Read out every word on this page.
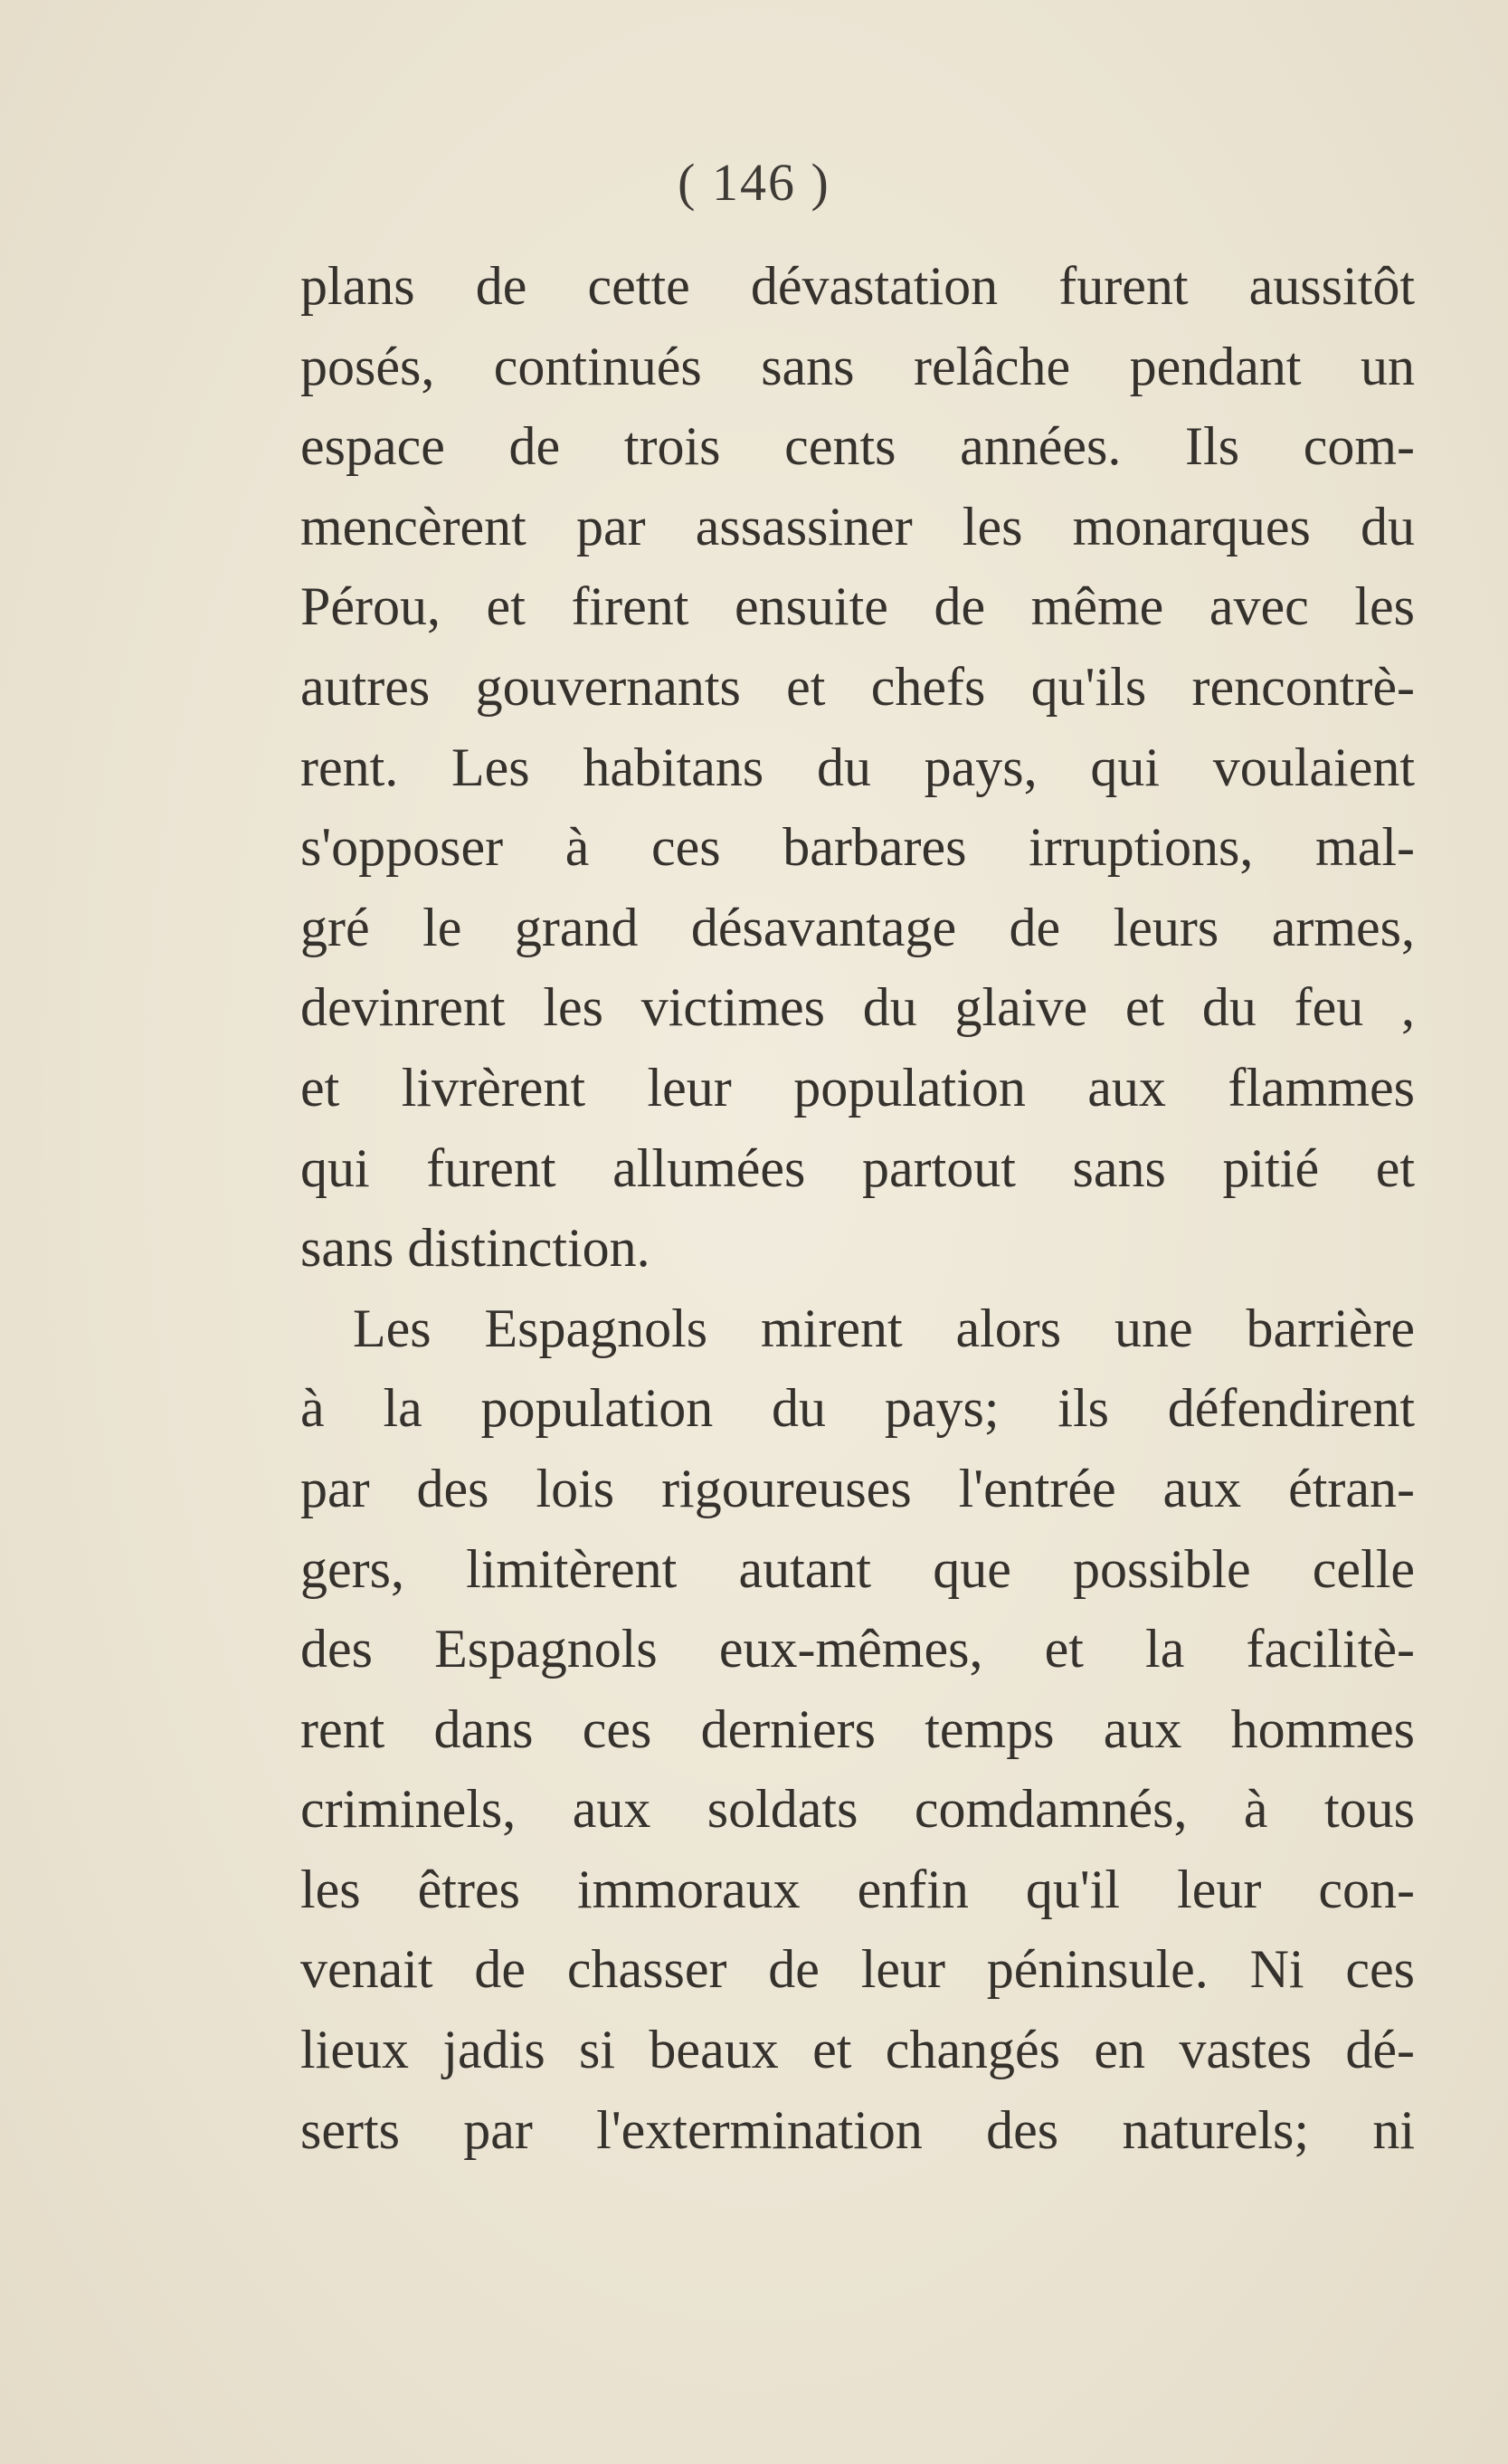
( 146 )
plans de cette dévastation furent aussitôt
posés, continués sans relâche pendant un
espace de trois cents années. Ils com-
mencèrent par assassiner les monarques du
Pérou, et firent ensuite de même avec les
autres gouvernants et chefs qu'ils rencontrè-
rent. Les habitans du pays, qui voulaient
s'opposer à ces barbares irruptions, mal-
gré le grand désavantage de leurs armes,
devinrent les victimes du glaive et du feu ,
et livrèrent leur population aux flammes
qui furent allumées partout sans pitié et
sans distinction.
Les Espagnols mirent alors une barrière
à la population du pays; ils défendirent
par des lois rigoureuses l'entrée aux étran-
gers, limitèrent autant que possible celle
des Espagnols eux-mêmes, et la facilitè-
rent dans ces derniers temps aux hommes
criminels, aux soldats comdamnés, à tous
les êtres immoraux enfin qu'il leur con-
venait de chasser de leur péninsule. Ni ces
lieux jadis si beaux et changés en vastes dé-
serts par l'extermination des naturels; ni
